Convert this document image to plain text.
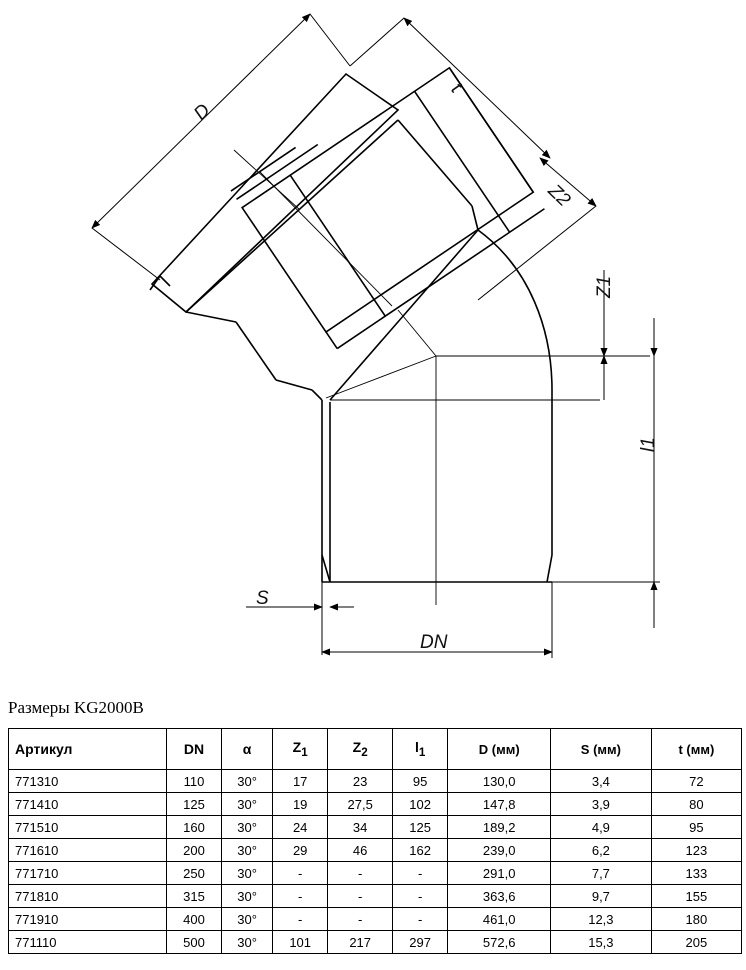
D
t
Z2
Z1
l1
S
DN
Размеры KG2000B
Артикул	DN	α	$Z_1$	$Z_2$	$l_1$	D (мм)	S (мм)	t (мм)
771310	110	30°	17	23	95	130,0	3,4	72
771410	125	30°	19	27,5	102	147,8	3,9	80
771510	160	30°	24	34	125	189,2	4,9	95
771610	200	30°	29	46	162	239,0	6,2	123
771710	250	30°	-	-	-	291,0	7,7	133
771810	315	30°	-	-	-	363,6	9,7	155
771910	400	30°	-	-	-	461,0	12,3	180
771110	500	30°	101	217	297	572,6	15,3	205
